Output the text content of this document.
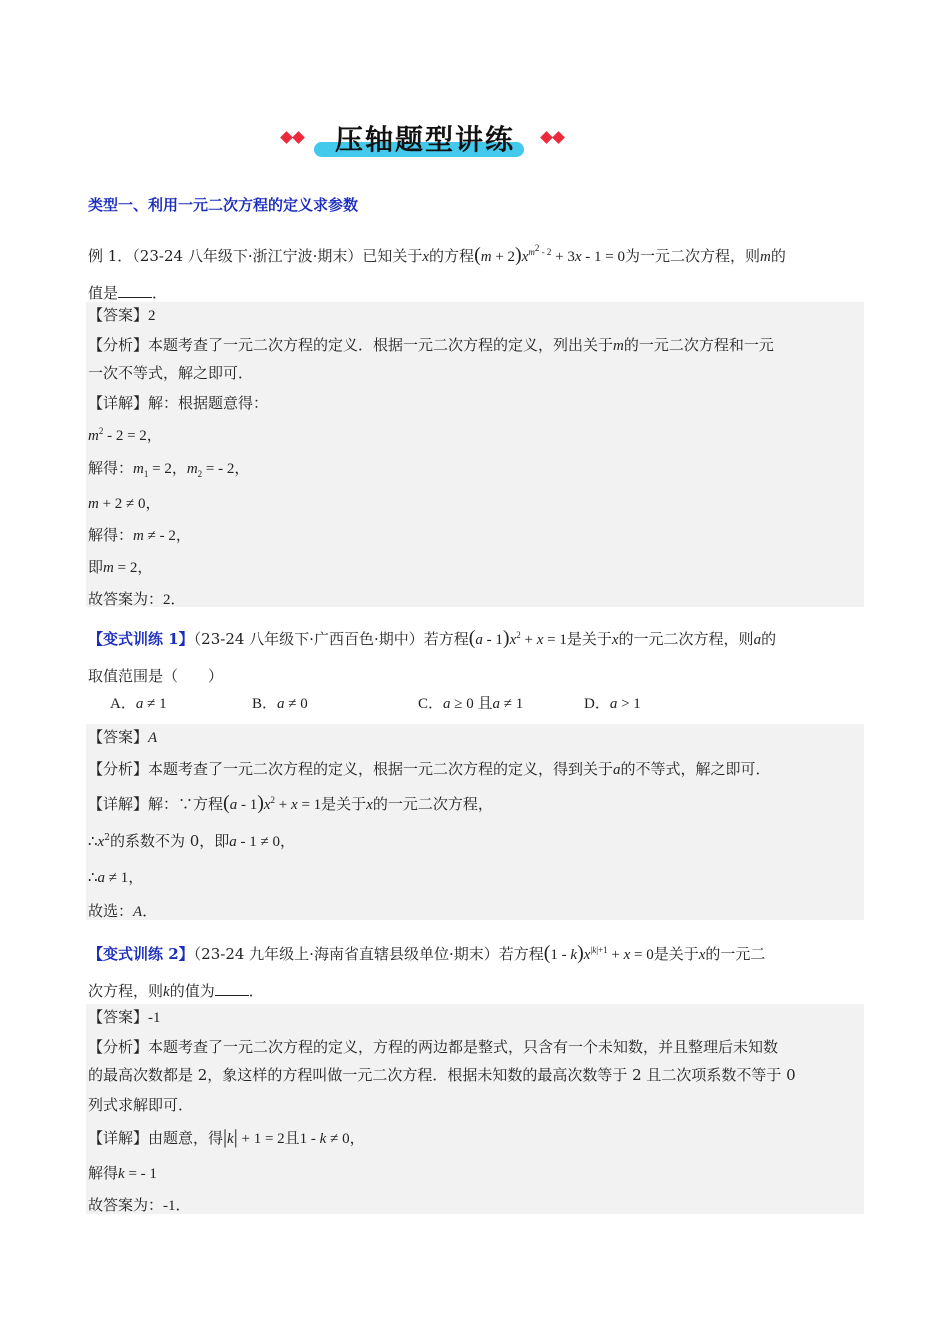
压轴题型讲练
类型一、利用一元二次方程的定义求参数
例 1．（23-24 八年级下·浙江宁波·期末）已知关于x的方程$(m + 2)x^{m^2 - 2} + 3x - 1 = 0$为一元二次方程，则m的
值是 ．
【答案】2
【分析】本题考查了一元二次方程的定义．根据一元二次方程的定义，列出关于m的一元二次方程和一元
一次不等式，解之即可．
【详解】解：根据题意得：
$m^2 - 2 = 2$，
解得：$m_1 = 2$，$m_2$ = - 2，
m + 2 ≠ 0，
解得：m ≠ - 2，
即m = 2，
故答案为：2．
【变式训练 1】（23-24 八年级下·广西百色·期中）若方程$(a - 1)x^2 + x = 1$是关于x的一元二次方程，则a的
取值范围是（　　）
A．a ≠ 1	B．a ≠ 0	C．a ≥ 0 且a ≠ 1	D．a > 1
【答案】A
【分析】本题考查了一元二次方程的定义，根据一元二次方程的定义，得到关于a的不等式，解之即可．
【详解】解：∵方程$(a - 1)x^2 + x = 1$是关于x的一元二次方程，
$\therefore x^2$的系数不为 0，即a - 1 ≠ 0，
∴a ≠ 1，
故选：A．
【变式训练 2】（23-24 九年级上·海南省直辖县级单位·期末）若方程$(1 - k)x^{|k|+1} + x = 0$是关于x的一元二
次方程，则k的值为 ．
【答案】-1
【分析】本题考查了一元二次方程的定义，方程的两边都是整式，只含有一个未知数，并且整理后未知数
的最高次数都是 2，象这样的方程叫做一元二次方程．根据未知数的最高次数等于 2 且二次项系数不等于 0
列式求解即可．
【详解】由题意，得|k| + 1 = 2且1 - k ≠ 0，
解得k = - 1
故答案为：-1．
